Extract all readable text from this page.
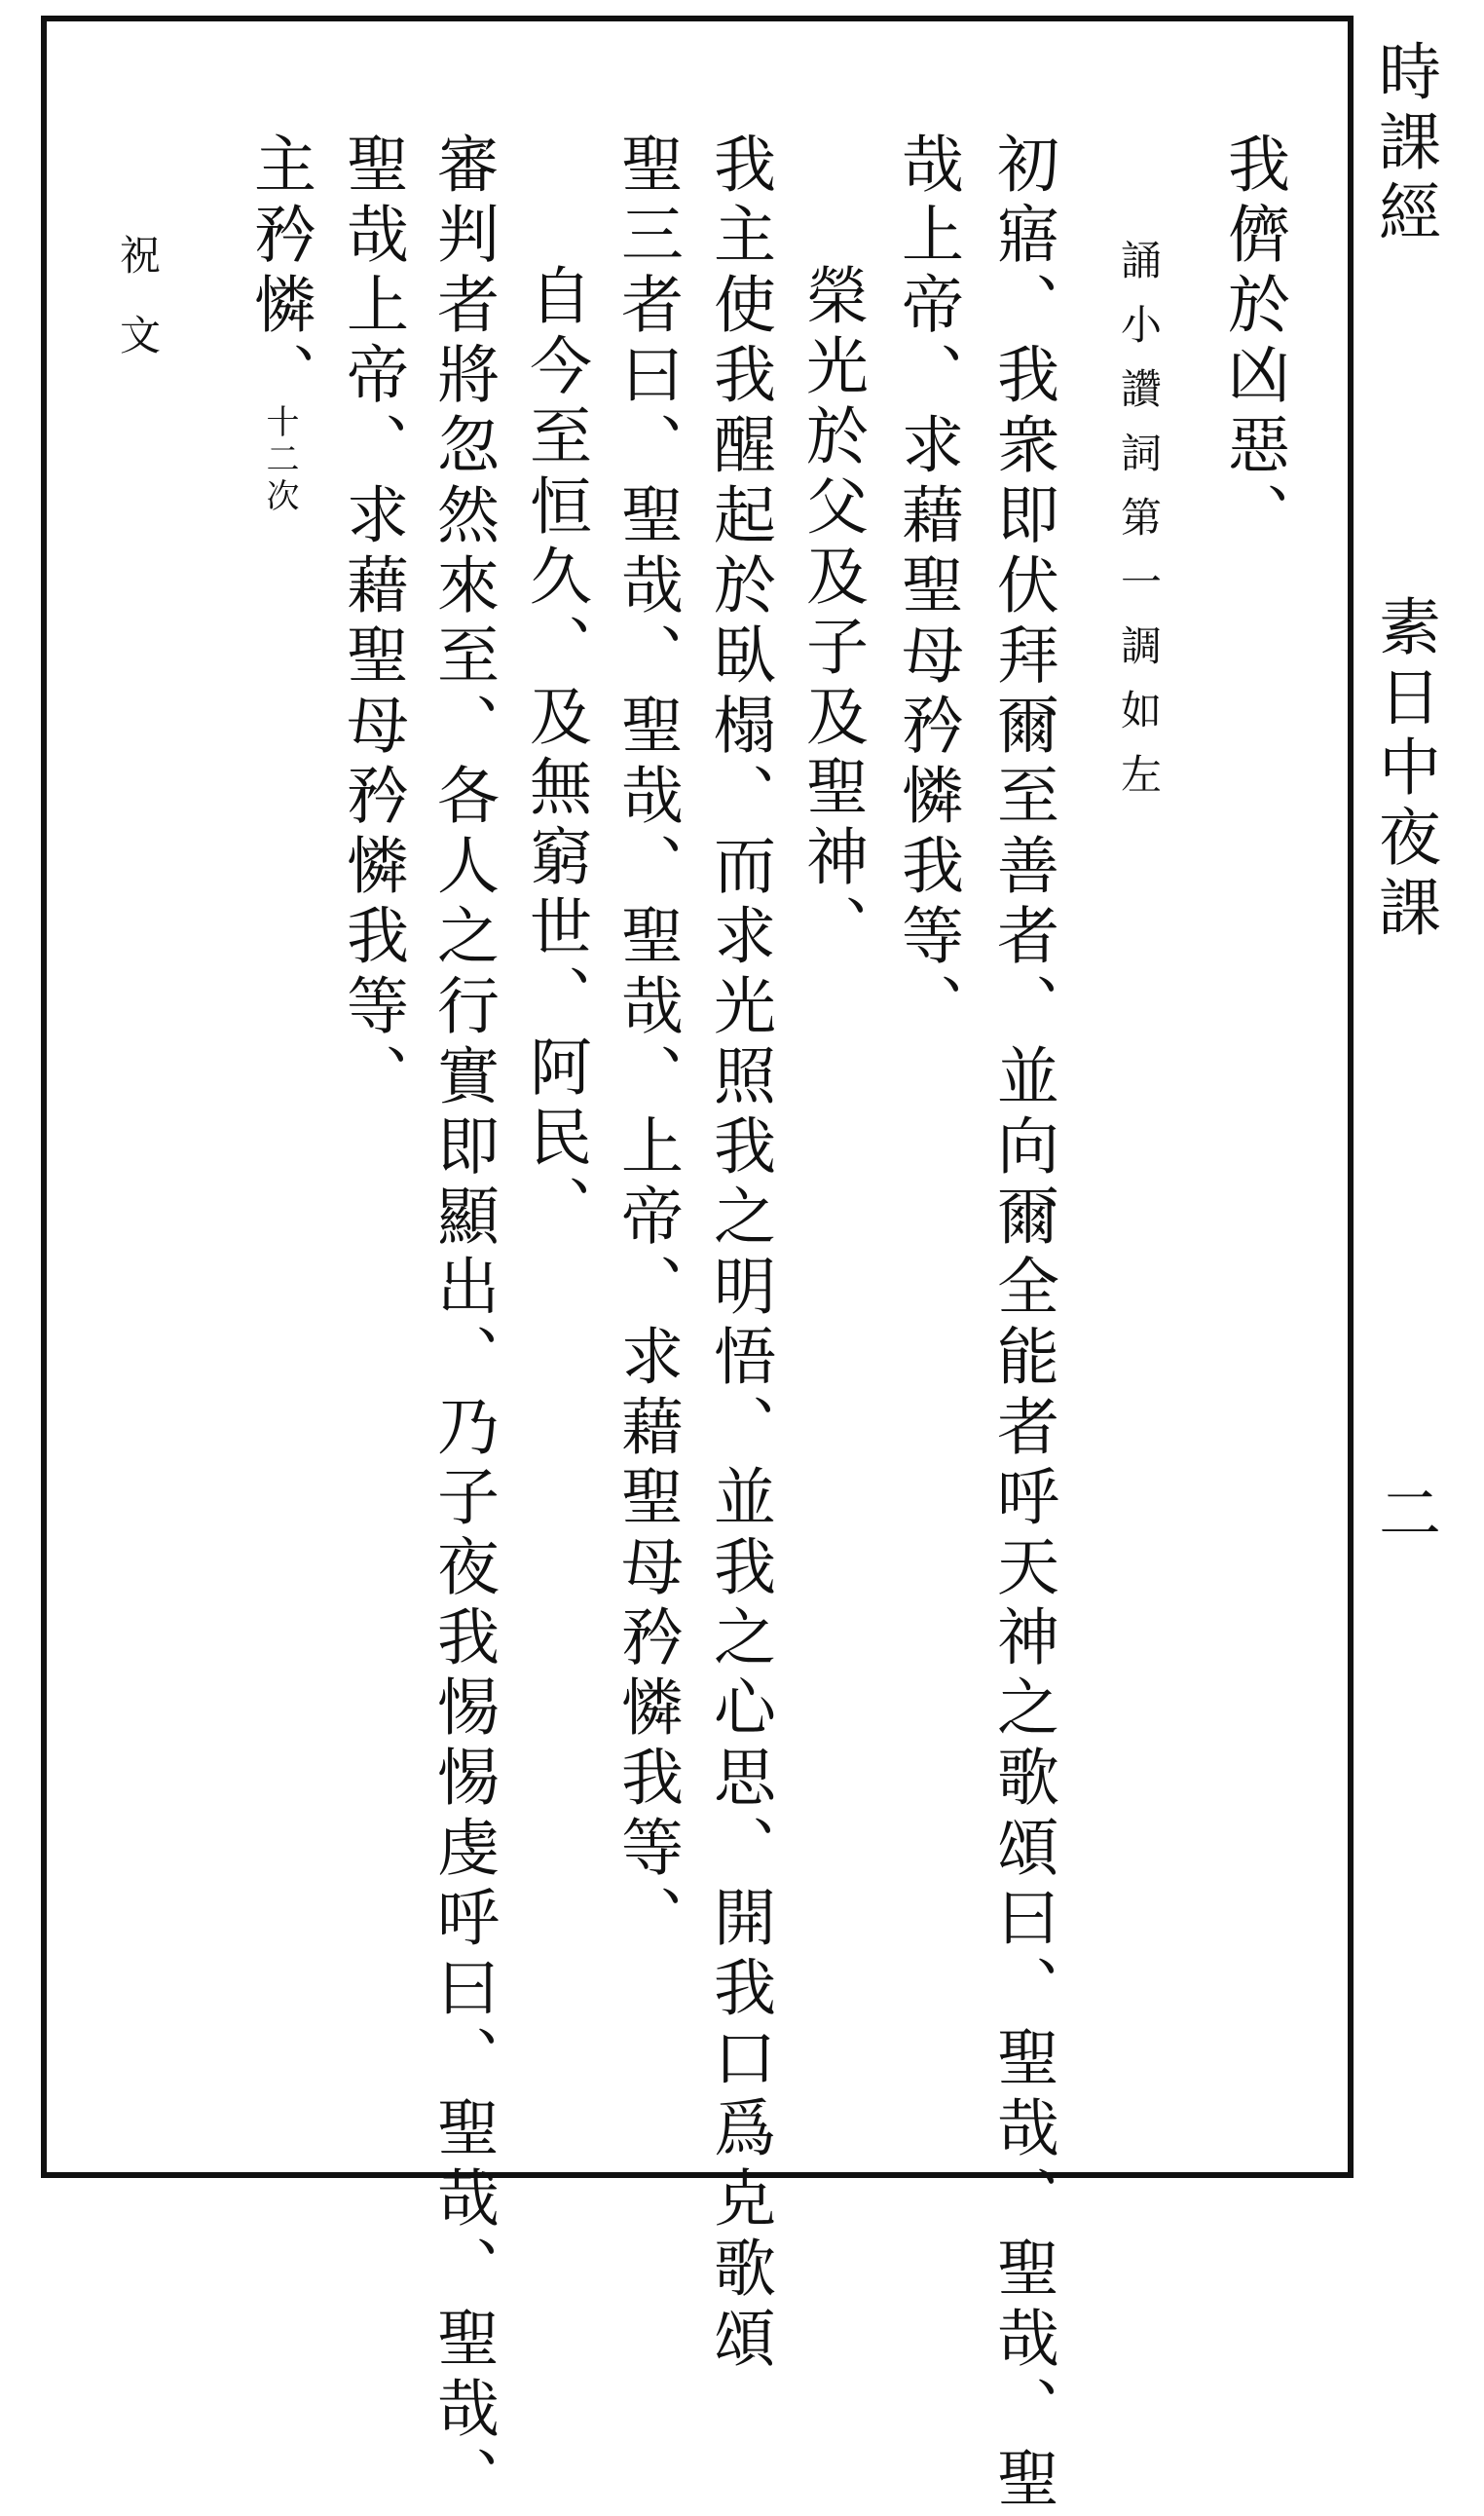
時課經
素日中夜課
二
我儕於凶惡、
誦小讚詞第一調如左
初寤、我衆即伏拜爾至善者、並向爾全能者呼天神之歌頌曰、聖哉、聖哉、聖
哉上帝、求藉聖母矜憐我等、
榮光於父及子及聖神、
我主使我醒起於臥榻、而求光照我之明悟、並我之心思、開我口爲克歌頌
聖三者曰、聖哉、聖哉、聖哉、上帝、求藉聖母矜憐我等、
自今至恒久、及無窮世、阿民、
審判者將忽然來至、各人之行實即顯出、乃子夜我惕惕虔呼曰、聖哉、聖哉、
聖哉上帝、求藉聖母矜憐我等、
主矜憐、
十二次
祝文
